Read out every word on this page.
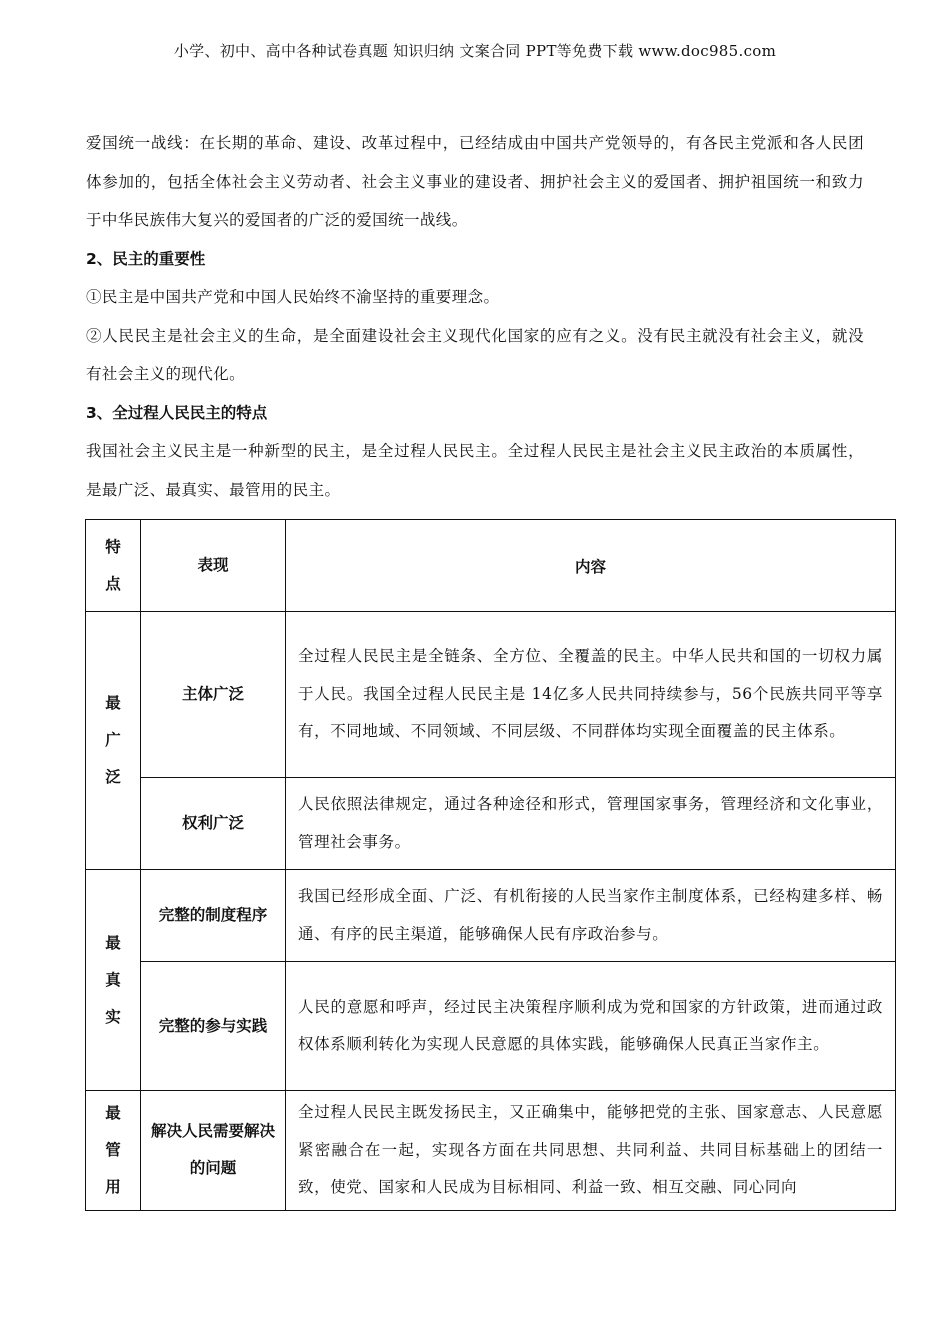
小学、初中、高中各种试卷真题 知识归纳 文案合同 PPT等免费下载 www.doc985.com

爱国统一战线：在长期的革命、建设、改革过程中，已经结成由中国共产党领导的，有各民主党派和各人民团体参加的，包括全体社会主义劳动者、社会主义事业的建设者、拥护社会主义的爱国者、拥护祖国统一和致力于中华民族伟大复兴的爱国者的广泛的爱国统一战线。

2、民主的重要性

①民主是中国共产党和中国人民始终不渝坚持的重要理念。

②人民民主是社会主义的生命，是全面建设社会主义现代化国家的应有之义。没有民主就没有社会主义，就没有社会主义的现代化。

3、全过程人民民主的特点

我国社会主义民主是一种新型的民主，是全过程人民民主。全过程人民民主是社会主义民主政治的本质属性，是最广泛、最真实、最管用的民主。

特点	表现	内容
最广泛	主体广泛	全过程人民民主是全链条、全方位、全覆盖的民主。中华人民共和国的一切权力属于人民。我国全过程人民民主是 14亿多人民共同持续参与，56个民族共同平等享有，不同地域、不同领域、不同层级、不同群体均实现全面覆盖的民主体系。
	权利广泛	人民依照法律规定，通过各种途径和形式，管理国家事务，管理经济和文化事业，管理社会事务。
最真实	完整的制度程序	我国已经形成全面、广泛、有机衔接的人民当家作主制度体系，已经构建多样、畅通、有序的民主渠道，能够确保人民有序政治参与。
	完整的参与实践	人民的意愿和呼声，经过民主决策程序顺利成为党和国家的方针政策，进而通过政权体系顺利转化为实现人民意愿的具体实践，能够确保人民真正当家作主。
最管用	解决人民需要解决的问题	全过程人民民主既发扬民主，又正确集中，能够把党的主张、国家意志、人民意愿紧密融合在一起，实现各方面在共同思想、共同利益、共同目标基础上的团结一致，使党、国家和人民成为目标相同、利益一致、相互交融、同心同向
